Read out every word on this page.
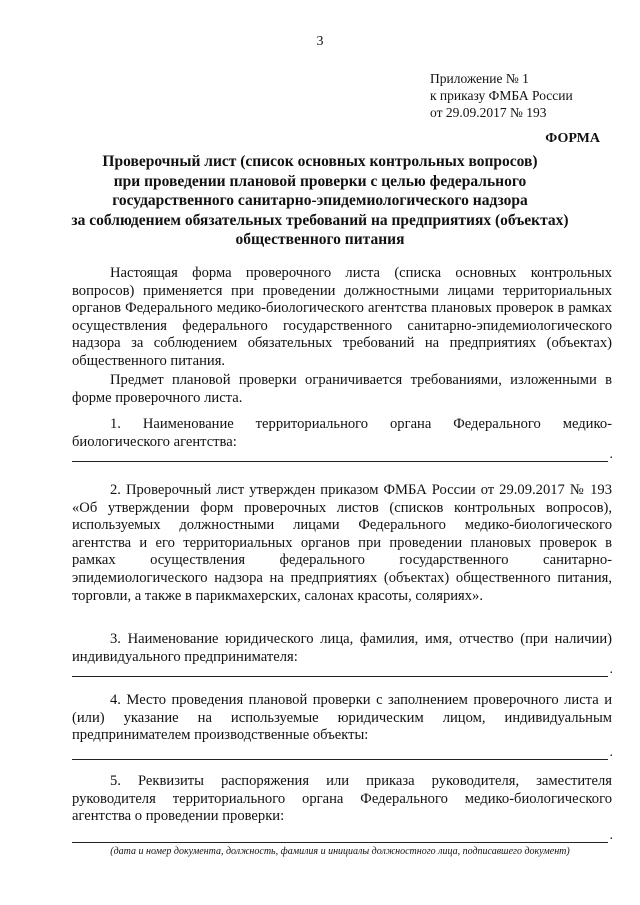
3
Приложение № 1
к приказу ФМБА России
от 29.09.2017 № 193
ФОРМА
Проверочный лист (список основных контрольных вопросов)
при проведении плановой проверки с целью федерального
государственного санитарно-эпидемиологического надзора
за соблюдением обязательных требований на предприятиях (объектах)
общественного питания

Настоящая форма проверочного листа (списка основных контрольных вопросов) применяется при проведении должностными лицами территориальных органов Федерального медико-биологического агентства плановых проверок в рамках осуществления федерального государственного санитарно-эпидемиологического надзора за соблюдением обязательных требований на предприятиях (объектах) общественного питания.

Предмет плановой проверки ограничивается требованиями, изложенными в форме проверочного листа.

1. Наименование территориального органа Федерального медико-биологического агентства:

.

2. Проверочный лист утвержден приказом ФМБА России от 29.09.2017 № 193 «Об утверждении форм проверочных листов (списков контрольных вопросов), используемых должностными лицами Федерального медико-биологического агентства и его территориальных органов при проведении плановых проверок в рамках осуществления федерального государственного санитарно-эпидемиологического надзора на предприятиях (объектах) общественного питания, торговли, а также в парикмахерских, салонах красоты, соляриях».

3. Наименование юридического лица, фамилия, имя, отчество (при наличии) индивидуального предпринимателя:

.

4. Место проведения плановой проверки с заполнением проверочного листа и (или) указание на используемые юридическим лицом, индивидуальным предпринимателем производственные объекты:

.

5. Реквизиты распоряжения или приказа руководителя, заместителя руководителя территориального органа Федерального медико-биологического агентства о проведении проверки:

.
(дата и номер документа, должность, фамилия и инициалы должностного лица, подписавшего документ)
